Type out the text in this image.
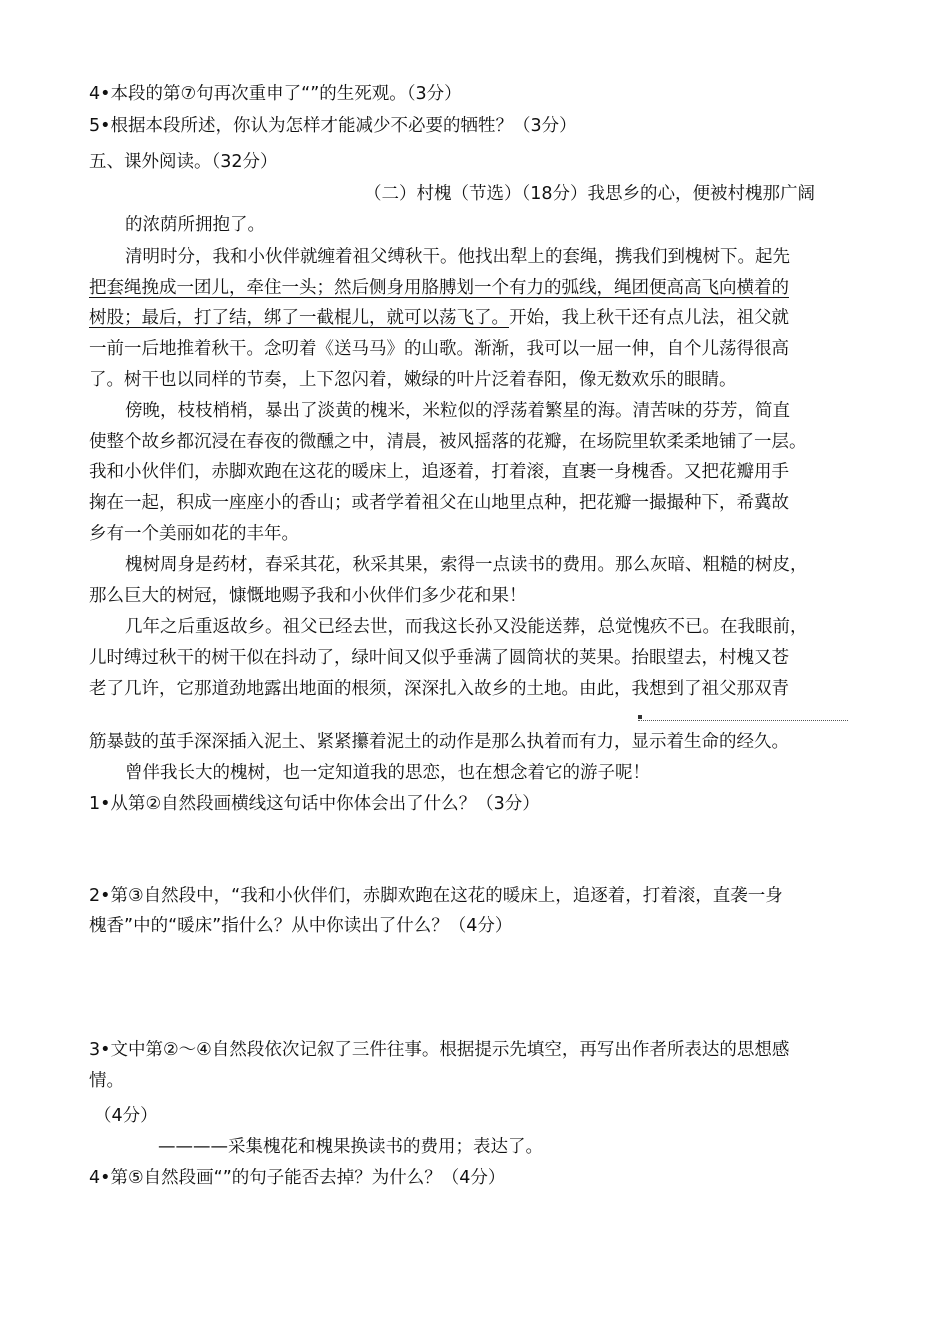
4•本段的第⑦句再次重申了“”的生死观。（3分）
5•根据本段所述，你认为怎样才能减少不必要的牺牲？（3分）
五、课外阅读。（32分）
（二）村槐（节选）（18分）我思乡的心，便被村槐那广阔
的浓荫所拥抱了。
清明时分，我和小伙伴就缠着祖父缚秋干。他找出犁上的套绳，携我们到槐树下。起先
把套绳挽成一团儿，牵住一头；然后侧身用胳膊划一个有力的弧线，绳团便高高飞向横着的
树股；最后，打了结，绑了一截棍儿，就可以荡飞了。开始，我上秋干还有点儿法，祖父就
一前一后地推着秋干。念叨着《送马马》的山歌。渐渐，我可以一屈一伸，自个儿荡得很高
了。树干也以同样的节奏，上下忽闪着，嫩绿的叶片泛着春阳，像无数欢乐的眼睛。
傍晚，枝枝梢梢，暴出了淡黄的槐米，米粒似的浮荡着繁星的海。清苦味的芬芳，简直
使整个故乡都沉浸在春夜的微醺之中，清晨，被风摇落的花瓣，在场院里软柔柔地铺了一层。
我和小伙伴们，赤脚欢跑在这花的暖床上，追逐着，打着滚，直裹一身槐香。又把花瓣用手
掬在一起，积成一座座小的香山；或者学着祖父在山地里点种，把花瓣一撮撮种下，希冀故
乡有一个美丽如花的丰年。
槐树周身是药材，春采其花，秋采其果，索得一点读书的费用。那么灰暗、粗糙的树皮，
那么巨大的树冠，慷慨地赐予我和小伙伴们多少花和果！
几年之后重返故乡。祖父已经去世，而我这长孙又没能送葬，总觉愧疚不已。在我眼前，
儿时缚过秋干的树干似在抖动了，绿叶间又似乎垂满了圆筒状的荚果。抬眼望去，村槐又苍
老了几许，它那道劲地露出地面的根须，深深扎入故乡的土地。由此，我想到了祖父那双青
筋暴鼓的茧手深深插入泥土、紧紧攥着泥土的动作是那么执着而有力，显示着生命的经久。
曾伴我长大的槐树，也一定知道我的思恋，也在想念着它的游子呢！
1•从第②自然段画横线这句话中你体会出了什么？（3分）
2•第③自然段中，“我和小伙伴们，赤脚欢跑在这花的暖床上，追逐着，打着滚，直袭一身
槐香”中的“暖床”指什么？从中你读出了什么？（4分）
3•文中第②〜④自然段依次记叙了三件往事。根据提示先填空，再写出作者所表达的思想感
情。
（4分）
————采集槐花和槐果换读书的费用；表达了。
4•第⑤自然段画“”的句子能否去掉？为什么？（4分）
